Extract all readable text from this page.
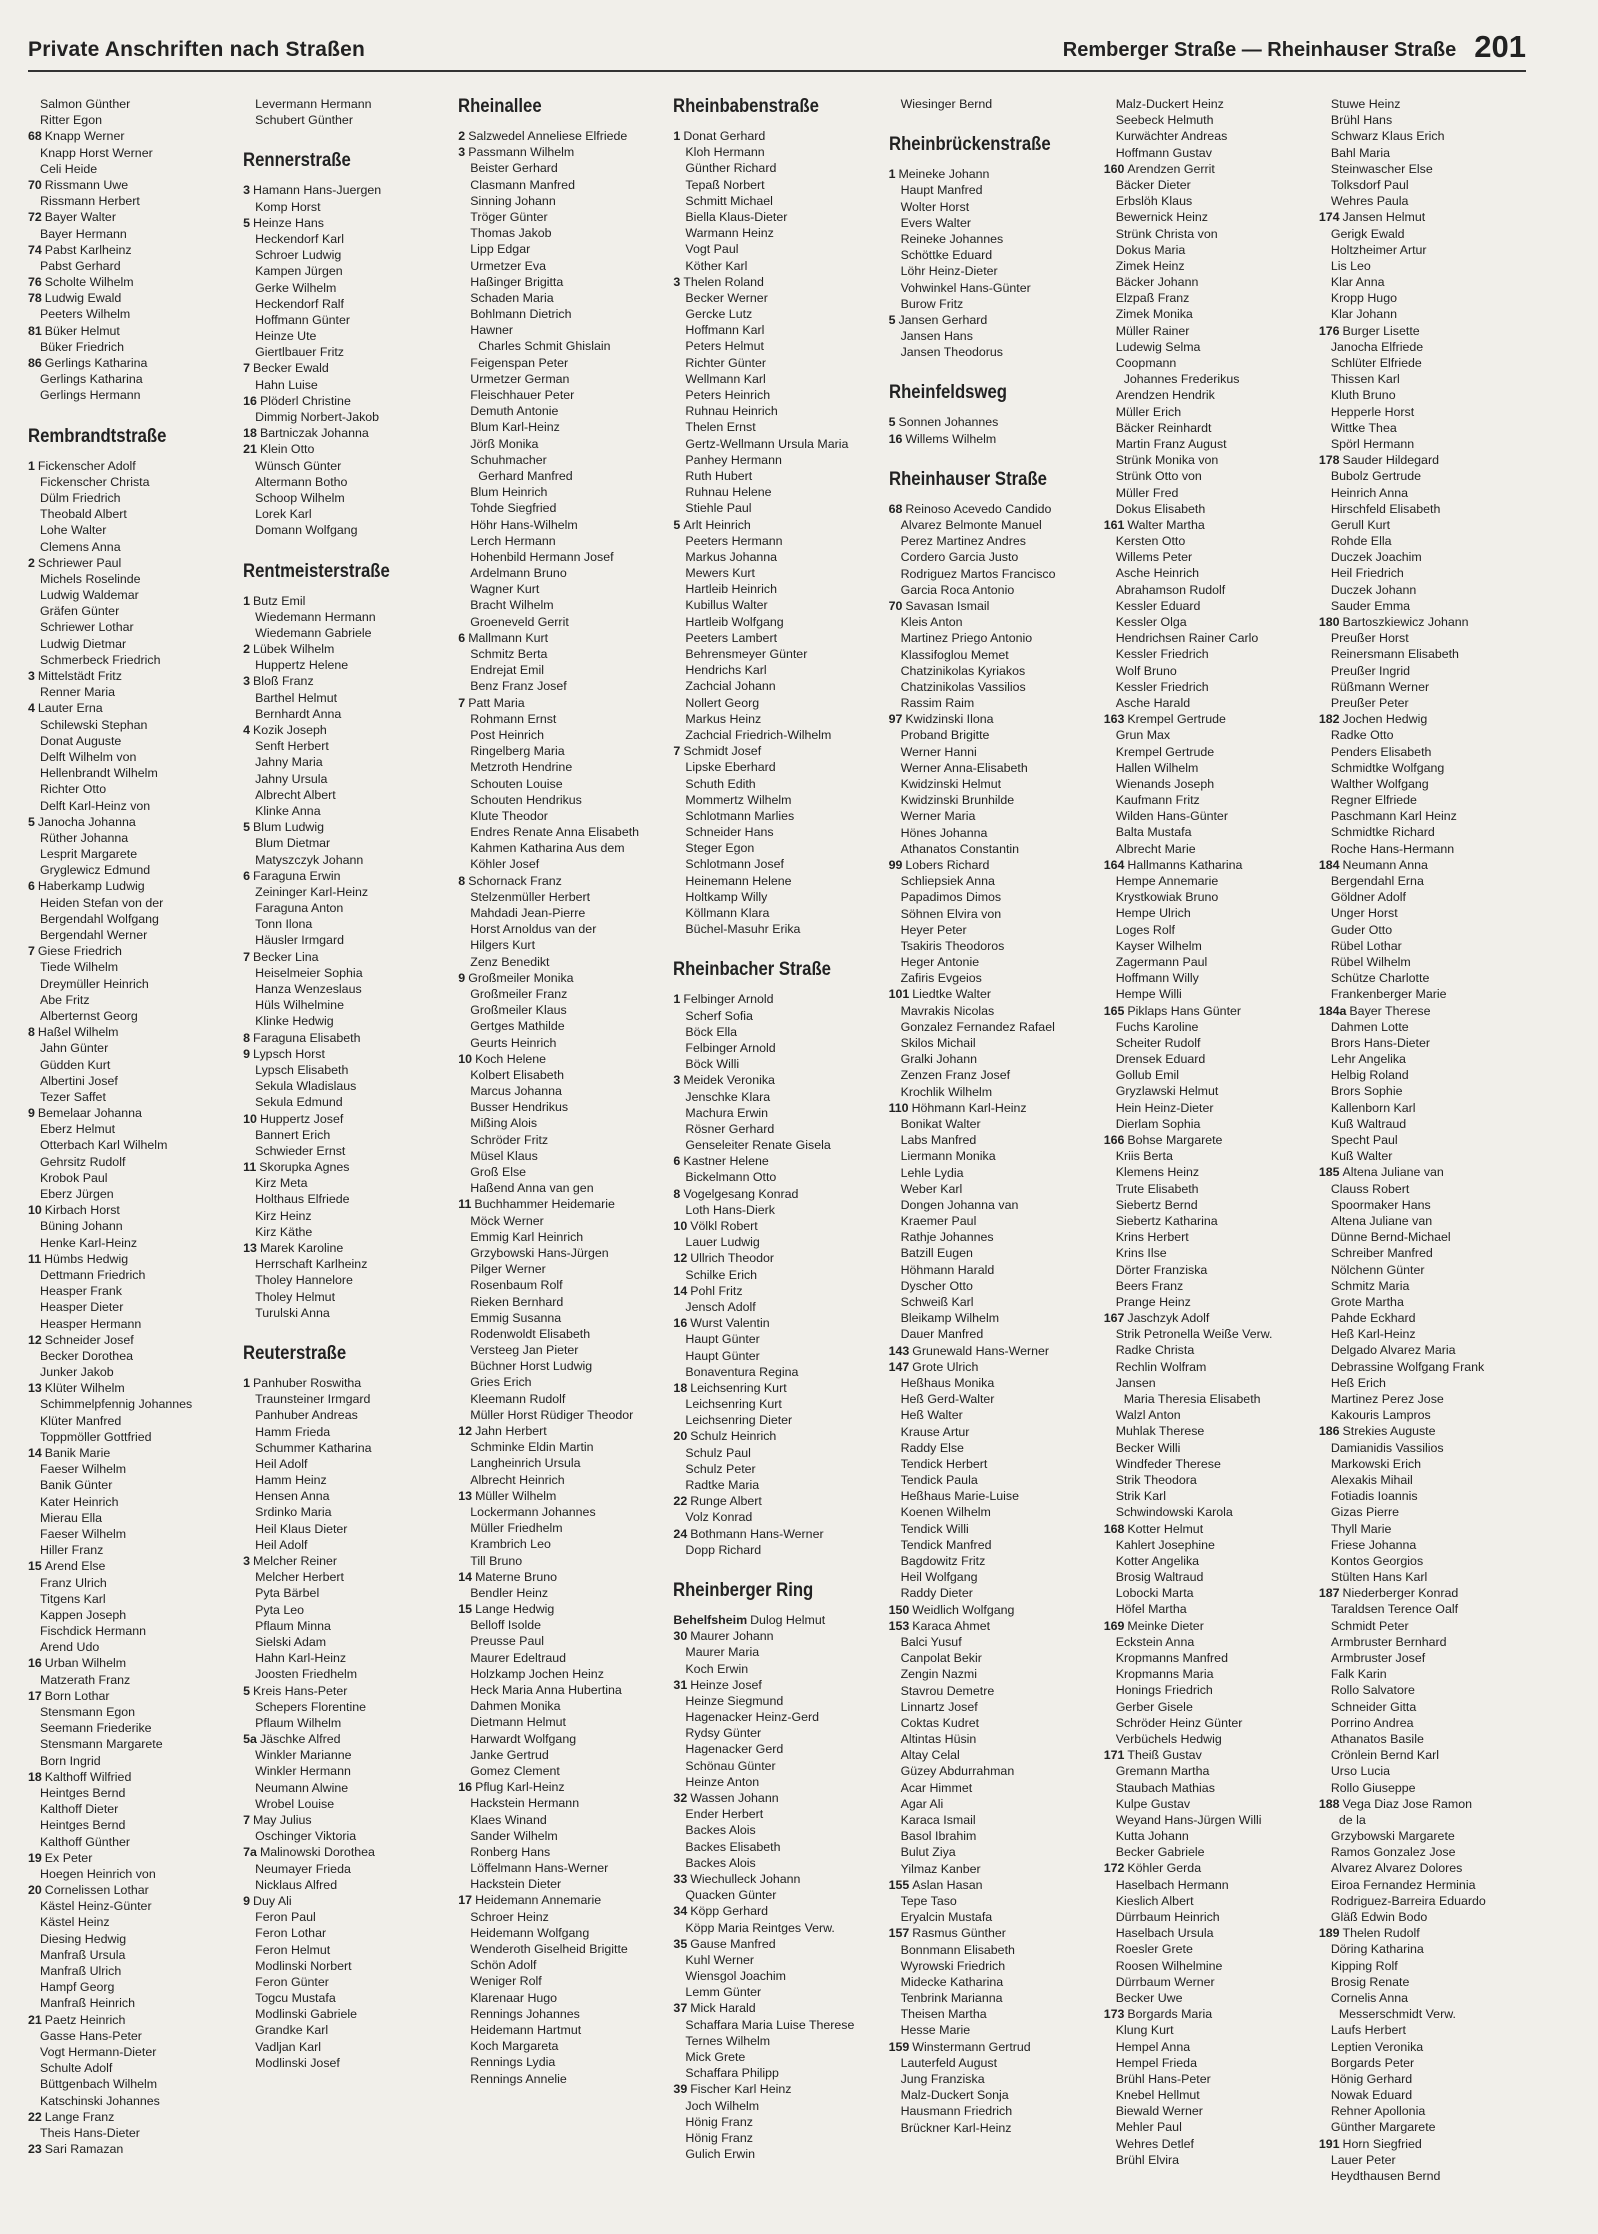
Private Anschriften nach Straßen	Remberger Straße — Rheinhauser Straße 201
Salmon Günther
Ritter Egon
68 Knapp Werner
Knapp Horst Werner
Celi Heide
70 Rissmann Uwe
Rissmann Herbert
72 Bayer Walter
Bayer Hermann
74 Pabst Karlheinz
Pabst Gerhard
76 Scholte Wilhelm
78 Ludwig Ewald
Peeters Wilhelm
81 Büker Helmut
Büker Friedrich
86 Gerlings Katharina
Gerlings Katharina
Gerlings Hermann
Rembrandtstraße
1 Fickenscher Adolf
Fickenscher Christa
Dülm Friedrich
Theobald Albert
Lohe Walter
Clemens Anna
2 Schriewer Paul
Michels Roselinde
Ludwig Waldemar
Gräfen Günter
Schriewer Lothar
Ludwig Dietmar
Schmerbeck Friedrich
3 Mittelstädt Fritz
Renner Maria
4 Lauter Erna
Schilewski Stephan
Donat Auguste
Delft Wilhelm von
Hellenbrandt Wilhelm
Richter Otto
Delft Karl-Heinz von
5 Janocha Johanna
Rüther Johanna
Lesprit Margarete
Gryglewicz Edmund
6 Haberkamp Ludwig
Heiden Stefan von der
Bergendahl Wolfgang
Bergendahl Werner
7 Giese Friedrich
Tiede Wilhelm
Dreymüller Heinrich
Abe Fritz
Alberternst Georg
8 Haßel Wilhelm
Jahn Günter
Güdden Kurt
Albertini Josef
Tezer Saffet
9 Bemelaar Johanna
Eberz Helmut
Otterbach Karl Wilhelm
Gehrsitz Rudolf
Krobok Paul
Eberz Jürgen
10 Kirbach Horst
Büning Johann
Henke Karl-Heinz
11 Hümbs Hedwig
Dettmann Friedrich
Heasper Frank
Heasper Dieter
Heasper Hermann
12 Schneider Josef
Becker Dorothea
Junker Jakob
13 Klüter Wilhelm
Schimmelpfennig Johannes
Klüter Manfred
Toppmöller Gottfried
14 Banik Marie
Faeser Wilhelm
Banik Günter
Kater Heinrich
Mierau Ella
Faeser Wilhelm
Hiller Franz
15 Arend Else
Franz Ulrich
Titgens Karl
Kappen Joseph
Fischdick Hermann
Arend Udo
16 Urban Wilhelm
Matzerath Franz
17 Born Lothar
Stensmann Egon
Seemann Friederike
Stensmann Margarete
Born Ingrid
18 Kalthoff Wilfried
Heintges Bernd
Kalthoff Dieter
Heintges Bernd
Kalthoff Günther
19 Ex Peter
Hoegen Heinrich von
20 Cornelissen Lothar
Kästel Heinz-Günter
Kästel Heinz
Diesing Hedwig
Manfraß Ursula
Manfraß Ulrich
Hampf Georg
Manfraß Heinrich
21 Paetz Heinrich
Gasse Hans-Peter
Vogt Hermann-Dieter
Schulte Adolf
Büttgenbach Wilhelm
Katschinski Johannes
22 Lange Franz
Theis Hans-Dieter
23 Sari Ramazan
Levermann Hermann
Schubert Günther
Rennerstraße
3 Hamann Hans-Juergen
Komp Horst
5 Heinze Hans
Heckendorf Karl
Schroer Ludwig
Kampen Jürgen
Gerke Wilhelm
Heckendorf Ralf
Hoffmann Günter
Heinze Ute
Giertlbauer Fritz
7 Becker Ewald
Hahn Luise
16 Plöderl Christine
Dimmig Norbert-Jakob
18 Bartniczak Johanna
21 Klein Otto
Wünsch Günter
Altermann Botho
Schoop Wilhelm
Lorek Karl
Domann Wolfgang
Rentmeisterstraße
1 Butz Emil
Wiedemann Hermann
Wiedemann Gabriele
2 Lübek Wilhelm
Huppertz Helene
3 Bloß Franz
Barthel Helmut
Bernhardt Anna
4 Kozik Joseph
Senft Herbert
Jahny Maria
Jahny Ursula
Albrecht Albert
Klinke Anna
5 Blum Ludwig
Blum Dietmar
Matyszczyk Johann
6 Faraguna Erwin
Zeininger Karl-Heinz
Faraguna Anton
Tonn Ilona
Häusler Irmgard
7 Becker Lina
Heiselmeier Sophia
Hanza Wenzeslaus
Hüls Wilhelmine
Klinke Hedwig
8 Faraguna Elisabeth
9 Lypsch Horst
Lypsch Elisabeth
Sekula Wladislaus
Sekula Edmund
10 Huppertz Josef
Bannert Erich
Schwieder Ernst
11 Skorupka Agnes
Kirz Meta
Holthaus Elfriede
Kirz Heinz
Kirz Käthe
13 Marek Karoline
Herrschaft Karlheinz
Tholey Hannelore
Tholey Helmut
Turulski Anna
Reuterstraße
1 Panhuber Roswitha
Traunsteiner Irmgard
Panhuber Andreas
Hamm Frieda
Schummer Katharina
Heil Adolf
Hamm Heinz
Hensen Anna
Srdinko Maria
Heil Klaus Dieter
Heil Adolf
3 Melcher Reiner
Melcher Herbert
Pyta Bärbel
Pyta Leo
Pflaum Minna
Sielski Adam
Hahn Karl-Heinz
Joosten Friedhelm
5 Kreis Hans-Peter
Schepers Florentine
Pflaum Wilhelm
5a Jäschke Alfred
Winkler Marianne
Winkler Hermann
Neumann Alwine
Wrobel Louise
7 May Julius
Oschinger Viktoria
7a Malinowski Dorothea
Neumayer Frieda
Nicklaus Alfred
9 Duy Ali
Feron Paul
Feron Lothar
Feron Helmut
Modlinski Norbert
Feron Günter
Togcu Mustafa
Modlinski Gabriele
Grandke Karl
Vadljan Karl
Modlinski Josef
Rheinallee
2 Salzwedel Anneliese Elfriede
3 Passmann Wilhelm
Beister Gerhard
Clasmann Manfred
Sinning Johann
Tröger Günter
Thomas Jakob
Lipp Edgar
Urmetzer Eva
Haßinger Brigitta
Schaden Maria
Bohlmann Dietrich
Hawner
Charles Schmit Ghislain
Feigenspan Peter
Urmetzer German
Fleischhauer Peter
Demuth Antonie
Blum Karl-Heinz
Jörß Monika
Schuhmacher
Gerhard Manfred
Blum Heinrich
Tohde Siegfried
Höhr Hans-Wilhelm
Lerch Hermann
Hohenbild Hermann Josef
Ardelmann Bruno
Wagner Kurt
Bracht Wilhelm
Groeneveld Gerrit
6 Mallmann Kurt
Schmitz Berta
Endrejat Emil
Benz Franz Josef
7 Patt Maria
Rohmann Ernst
Post Heinrich
Ringelberg Maria
Metzroth Hendrine
Schouten Louise
Schouten Hendrikus
Klute Theodor
Endres Renate Anna Elisabeth
Kahmen Katharina Aus dem
Köhler Josef
8 Schornack Franz
Stelzenmüller Herbert
Mahdadi Jean-Pierre
Horst Arnoldus van der
Hilgers Kurt
Zenz Benedikt
9 Großmeiler Monika
Großmeiler Franz
Großmeiler Klaus
Gertges Mathilde
Geurts Heinrich
10 Koch Helene
Kolbert Elisabeth
Marcus Johanna
Busser Hendrikus
Mißing Alois
Schröder Fritz
Müsel Klaus
Groß Else
Haßend Anna van gen
11 Buchhammer Heidemarie
Möck Werner
Emmig Karl Heinrich
Grzybowski Hans-Jürgen
Pilger Werner
Rosenbaum Rolf
Rieken Bernhard
Emmig Susanna
Rodenwoldt Elisabeth
Versteeg Jan Pieter
Büchner Horst Ludwig
Gries Erich
Kleemann Rudolf
Müller Horst Rüdiger Theodor
12 Jahn Herbert
Schminke Eldin Martin
Langheinrich Ursula
Albrecht Heinrich
13 Müller Wilhelm
Lockermann Johannes
Müller Friedhelm
Krambrich Leo
Till Bruno
14 Materne Bruno
Bendler Heinz
15 Lange Hedwig
Belloff Isolde
Preusse Paul
Maurer Edeltraud
Holzkamp Jochen Heinz
Heck Maria Anna Hubertina
Dahmen Monika
Dietmann Helmut
Harwardt Wolfgang
Janke Gertrud
Gomez Clement
16 Pflug Karl-Heinz
Hackstein Hermann
Klaes Winand
Sander Wilhelm
Ronberg Hans
Löffelmann Hans-Werner
Hackstein Dieter
17 Heidemann Annemarie
Schroer Heinz
Heidemann Wolfgang
Wenderoth Giselheid Brigitte
Schön Adolf
Weniger Rolf
Klarenaar Hugo
Rennings Johannes
Heidemann Hartmut
Koch Margareta
Rennings Lydia
Rennings Annelie
Rheinbabenstraße
1 Donat Gerhard
Kloh Hermann
Günther Richard
Tepaß Norbert
Schmitt Michael
Biella Klaus-Dieter
Warmann Heinz
Vogt Paul
Köther Karl
3 Thelen Roland
Becker Werner
Gercke Lutz
Hoffmann Karl
Peters Helmut
Richter Günter
Wellmann Karl
Peters Heinrich
Ruhnau Heinrich
Thelen Ernst
Gertz-Wellmann Ursula Maria
Panhey Hermann
Ruth Hubert
Ruhnau Helene
Stiehle Paul
5 Arlt Heinrich
Peeters Hermann
Markus Johanna
Mewers Kurt
Hartleib Heinrich
Kubillus Walter
Hartleib Wolfgang
Peeters Lambert
Behrensmeyer Günter
Hendrichs Karl
Zachcial Johann
Nollert Georg
Markus Heinz
Zachcial Friedrich-Wilhelm
7 Schmidt Josef
Lipske Eberhard
Schuth Edith
Mommertz Wilhelm
Schlotmann Marlies
Schneider Hans
Steger Egon
Schlotmann Josef
Heinemann Helene
Holtkamp Willy
Köllmann Klara
Büchel-Masuhr Erika
Rheinbacher Straße
1 Felbinger Arnold
Scherf Sofia
Böck Ella
Felbinger Arnold
Böck Willi
3 Meidek Veronika
Jenschke Klara
Machura Erwin
Rösner Gerhard
Genseleiter Renate Gisela
6 Kastner Helene
Bickelmann Otto
8 Vogelgesang Konrad
Loth Hans-Dierk
10 Völkl Robert
Lauer Ludwig
12 Ullrich Theodor
Schilke Erich
14 Pohl Fritz
Jensch Adolf
16 Wurst Valentin
Haupt Günter
Haupt Günter
Bonaventura Regina
18 Leichsenring Kurt
Leichsenring Kurt
Leichsenring Dieter
20 Schulz Heinrich
Schulz Paul
Schulz Peter
Radtke Maria
22 Runge Albert
Volz Konrad
24 Bothmann Hans-Werner
Dopp Richard
Rheinberger Ring
Behelfsheim Dulog Helmut
30 Maurer Johann
Maurer Maria
Koch Erwin
31 Heinze Josef
Heinze Siegmund
Hagenacker Heinz-Gerd
Rydsy Günter
Hagenacker Gerd
Schönau Günter
Heinze Anton
32 Wassen Johann
Ender Herbert
Backes Alois
Backes Elisabeth
Backes Alois
33 Wiechulleck Johann
Quacken Günter
34 Köpp Gerhard
Köpp Maria Reintges Verw.
35 Gause Manfred
Kuhl Werner
Wiensgol Joachim
Lemm Günter
37 Mick Harald
Schaffara Maria Luise Therese
Ternes Wilhelm
Mick Grete
Schaffara Philipp
39 Fischer Karl Heinz
Joch Wilhelm
Hönig Franz
Hönig Franz
Gulich Erwin
Wiesinger Bernd
Rheinbrückenstraße
1 Meineke Johann
Haupt Manfred
Wolter Horst
Evers Walter
Reineke Johannes
Schöttke Eduard
Löhr Heinz-Dieter
Vohwinkel Hans-Günter
Burow Fritz
5 Jansen Gerhard
Jansen Hans
Jansen Theodorus
Rheinfeldsweg
5 Sonnen Johannes
16 Willems Wilhelm
Rheinhauser Straße
68 Reinoso Acevedo Candido
Alvarez Belmonte Manuel
Perez Martinez Andres
Cordero Garcia Justo
Rodriguez Martos Francisco
Garcia Roca Antonio
70 Savasan Ismail
Kleis Anton
Martinez Priego Antonio
Klassifoglou Memet
Chatzinikolas Kyriakos
Chatzinikolas Vassilios
Rassim Raim
97 Kwidzinski Ilona
Proband Brigitte
Werner Hanni
Werner Anna-Elisabeth
Kwidzinski Helmut
Kwidzinski Brunhilde
Werner Maria
Hönes Johanna
Athanatos Constantin
99 Lobers Richard
Schliepsiek Anna
Papadimos Dimos
Söhnen Elvira von
Heyer Peter
Tsakiris Theodoros
Heger Antonie
Zafiris Evgeios
101 Liedtke Walter
Mavrakis Nicolas
Gonzalez Fernandez Rafael
Skilos Michail
Gralki Johann
Zenzen Franz Josef
Krochlik Wilhelm
110 Höhmann Karl-Heinz
Bonikat Walter
Labs Manfred
Liermann Monika
Lehle Lydia
Weber Karl
Dongen Johanna van
Kraemer Paul
Rathje Johannes
Batzill Eugen
Höhmann Harald
Dyscher Otto
Schweiß Karl
Bleikamp Wilhelm
Dauer Manfred
143 Grunewald Hans-Werner
147 Grote Ulrich
Heßhaus Monika
Heß Gerd-Walter
Heß Walter
Krause Artur
Raddy Else
Tendick Herbert
Tendick Paula
Heßhaus Marie-Luise
Koenen Wilhelm
Tendick Willi
Tendick Manfred
Bagdowitz Fritz
Heil Wolfgang
Raddy Dieter
150 Weidlich Wolfgang
153 Karaca Ahmet
Balci Yusuf
Canpolat Bekir
Zengin Nazmi
Stavrou Demetre
Linnartz Josef
Coktas Kudret
Altintas Hüsin
Altay Celal
Güzey Abdurrahman
Acar Himmet
Agar Ali
Karaca Ismail
Basol Ibrahim
Bulut Ziya
Yilmaz Kanber
155 Aslan Hasan
Tepe Taso
Eryalcin Mustafa
157 Rasmus Günther
Bonnmann Elisabeth
Wyrowski Friedrich
Midecke Katharina
Tenbrink Marianna
Theisen Martha
Hesse Marie
159 Winstermann Gertrud
Lauterfeld August
Jung Franziska
Malz-Duckert Sonja
Hausmann Friedrich
Brückner Karl-Heinz
Malz-Duckert Heinz
Seebeck Helmuth
Kurwächter Andreas
Hoffmann Gustav
160 Arendzen Gerrit
Bäcker Dieter
Erbslöh Klaus
Bewernick Heinz
Strünk Christa von
Dokus Maria
Zimek Heinz
Bäcker Johann
Elzpaß Franz
Zimek Monika
Müller Rainer
Ludewig Selma
Coopmann
Johannes Frederikus
Arendzen Hendrik
Müller Erich
Bäcker Reinhardt
Martin Franz August
Strünk Monika von
Strünk Otto von
Müller Fred
Dokus Elisabeth
161 Walter Martha
Kersten Otto
Willems Peter
Asche Heinrich
Abrahamson Rudolf
Kessler Eduard
Kessler Olga
Hendrichsen Rainer Carlo
Kessler Friedrich
Wolf Bruno
Kessler Friedrich
Asche Harald
163 Krempel Gertrude
Grun Max
Krempel Gertrude
Hallen Wilhelm
Wienands Joseph
Kaufmann Fritz
Wilden Hans-Günter
Balta Mustafa
Albrecht Marie
164 Hallmanns Katharina
Hempe Annemarie
Krystkowiak Bruno
Hempe Ulrich
Loges Rolf
Kayser Wilhelm
Zagermann Paul
Hoffmann Willy
Hempe Willi
165 Piklaps Hans Günter
Fuchs Karoline
Scheiter Rudolf
Drensek Eduard
Gollub Emil
Gryzlawski Helmut
Hein Heinz-Dieter
Dierlam Sophia
166 Bohse Margarete
Kriis Berta
Klemens Heinz
Trute Elisabeth
Siebertz Bernd
Siebertz Katharina
Krins Herbert
Krins Ilse
Dörter Franziska
Beers Franz
Prange Heinz
167 Jaschzyk Adolf
Strik Petronella Weiße Verw.
Radke Christa
Rechlin Wolfram
Jansen
Maria Theresia Elisabeth
Walzl Anton
Muhlak Therese
Becker Willi
Windfeder Therese
Strik Theodora
Strik Karl
Schwindowski Karola
168 Kotter Helmut
Kahlert Josephine
Kotter Angelika
Brosig Waltraud
Lobocki Marta
Höfel Martha
169 Meinke Dieter
Eckstein Anna
Kropmanns Manfred
Kropmanns Maria
Honings Friedrich
Gerber Gisele
Schröder Heinz Günter
Verbüchels Hedwig
171 Theiß Gustav
Gremann Martha
Staubach Mathias
Kulpe Gustav
Weyand Hans-Jürgen Willi
Kutta Johann
Becker Gabriele
172 Köhler Gerda
Haselbach Hermann
Kieslich Albert
Dürrbaum Heinrich
Haselbach Ursula
Roesler Grete
Roosen Wilhelmine
Dürrbaum Werner
Becker Uwe
173 Borgards Maria
Klung Kurt
Hempel Anna
Hempel Frieda
Brühl Hans-Peter
Knebel Hellmut
Biewald Werner
Mehler Paul
Wehres Detlef
Brühl Elvira
Stuwe Heinz
Brühl Hans
Schwarz Klaus Erich
Bahl Maria
Steinwascher Else
Tolksdorf Paul
Wehres Paula
174 Jansen Helmut
Gerigk Ewald
Holtzheimer Artur
Lis Leo
Klar Anna
Kropp Hugo
Klar Johann
176 Burger Lisette
Janocha Elfriede
Schlüter Elfriede
Thissen Karl
Kluth Bruno
Hepperle Horst
Wittke Thea
Spörl Hermann
178 Sauder Hildegard
Bubolz Gertrude
Heinrich Anna
Hirschfeld Elisabeth
Gerull Kurt
Rohde Ella
Duczek Joachim
Heil Friedrich
Duczek Johann
Sauder Emma
180 Bartoszkiewicz Johann
Preußer Horst
Reinersmann Elisabeth
Preußer Ingrid
Rüßmann Werner
Preußer Peter
182 Jochen Hedwig
Radke Otto
Penders Elisabeth
Schmidtke Wolfgang
Walther Wolfgang
Regner Elfriede
Paschmann Karl Heinz
Schmidtke Richard
Roche Hans-Hermann
184 Neumann Anna
Bergendahl Erna
Göldner Adolf
Unger Horst
Guder Otto
Rübel Lothar
Rübel Wilhelm
Schütze Charlotte
Frankenberger Marie
184a Bayer Therese
Dahmen Lotte
Brors Hans-Dieter
Lehr Angelika
Helbig Roland
Brors Sophie
Kallenborn Karl
Kuß Waltraud
Specht Paul
Kuß Walter
185 Altena Juliane van
Clauss Robert
Spoormaker Hans
Altena Juliane van
Dünne Bernd-Michael
Schreiber Manfred
Nölchenn Günter
Schmitz Maria
Grote Martha
Pahde Eckhard
Heß Karl-Heinz
Delgado Alvarez Maria
Debrassine Wolfgang Frank
Heß Erich
Martinez Perez Jose
Kakouris Lampros
186 Strekies Auguste
Damianidis Vassilios
Markowski Erich
Alexakis Mihail
Fotiadis Ioannis
Gizas Pierre
Thyll Marie
Friese Johanna
Kontos Georgios
Stülten Hans Karl
187 Niederberger Konrad
Taraldsen Terence Oalf
Schmidt Peter
Armbruster Bernhard
Armbruster Josef
Falk Karin
Rollo Salvatore
Schneider Gitta
Porrino Andrea
Athanatos Basile
Crönlein Bernd Karl
Urso Lucia
Rollo Giuseppe
188 Vega Diaz Jose Ramon
de la
Grzybowski Margarete
Ramos Gonzalez Jose
Alvarez Alvarez Dolores
Eiroa Fernandez Herminia
Rodriguez-Barreira Eduardo
Gläß Edwin Bodo
189 Thelen Rudolf
Döring Katharina
Kipping Rolf
Brosig Renate
Cornelis Anna
Messerschmidt Verw.
Laufs Herbert
Leptien Veronika
Borgards Peter
Hönig Gerhard
Nowak Eduard
Rehner Apollonia
Günther Margarete
191 Horn Siegfried
Lauer Peter
Heydthausen Bernd
